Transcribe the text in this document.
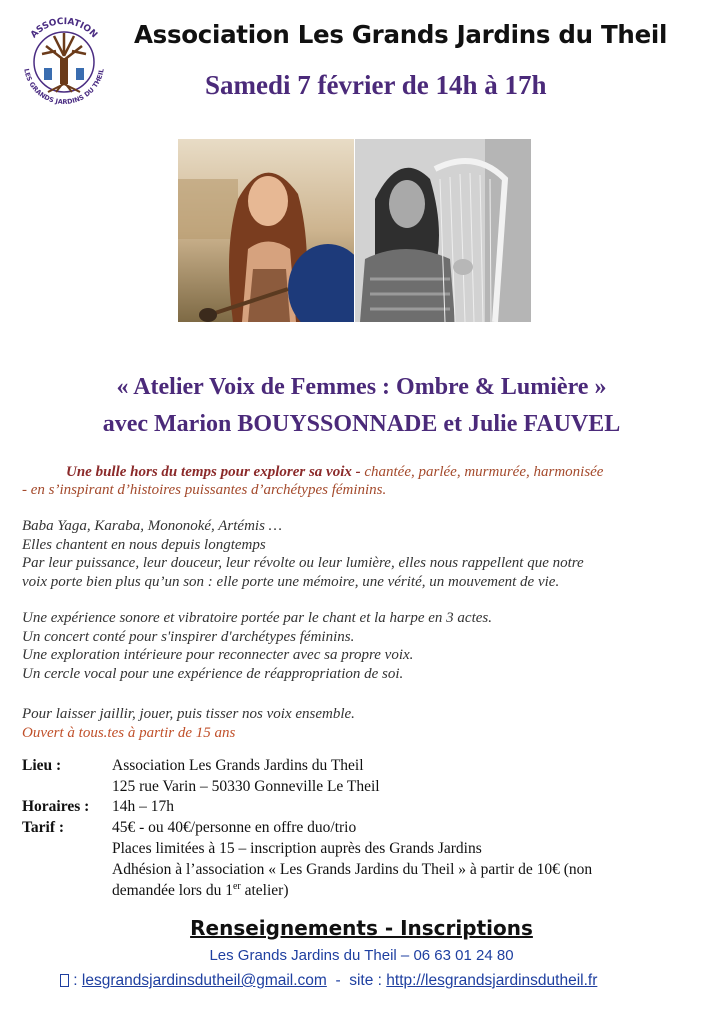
ASSOCIATION
LES GRANDS JARDINS DU THEIL
Association Les Grands Jardins du Theil
Samedi 7 février de 14h à 17h
« Atelier Voix de Femmes : Ombre & Lumière »
avec Marion BOUYSSONNADE et Julie FAUVEL
Une bulle hors du temps pour explorer sa voix - chantée, parlée, murmurée, harmonisée
- en s’inspirant d’histoires puissantes d’archétypes féminins.
Baba Yaga, Karaba, Mononoké, Artémis …
Elles chantent en nous depuis longtemps
Par leur puissance, leur douceur, leur révolte ou leur lumière, elles nous rappellent que notre
voix porte bien plus qu’un son : elle porte une mémoire, une vérité, un mouvement de vie.
Une expérience sonore et vibratoire portée par le chant et la harpe en 3 actes.
Un concert conté pour s'inspirer d'archétypes féminins.
Une exploration intérieure pour reconnecter avec sa propre voix.
Un cercle vocal pour une expérience de réappropriation de soi.
Pour laisser jaillir, jouer, puis tisser nos voix ensemble.
Ouvert à tous.tes à partir de 15 ans
Lieu :	Association Les Grands Jardins du Theil
125 rue Varin – 50330 Gonneville Le Theil
Horaires : 14h – 17h
Tarif :	45€ - ou 40€/personne en offre duo/trio
Places limitées à 15 – inscription auprès des Grands Jardins
Adhésion à l’association « Les Grands Jardins du Theil » à partir de 10€ (non
demandée lors du 1er atelier)
Renseignements - Inscriptions
Les Grands Jardins du Theil – 06 63 01 24 80
: lesgrandsjardinsdutheil@gmail.com  -  site : http://lesgrandsjardinsdutheil.fr
